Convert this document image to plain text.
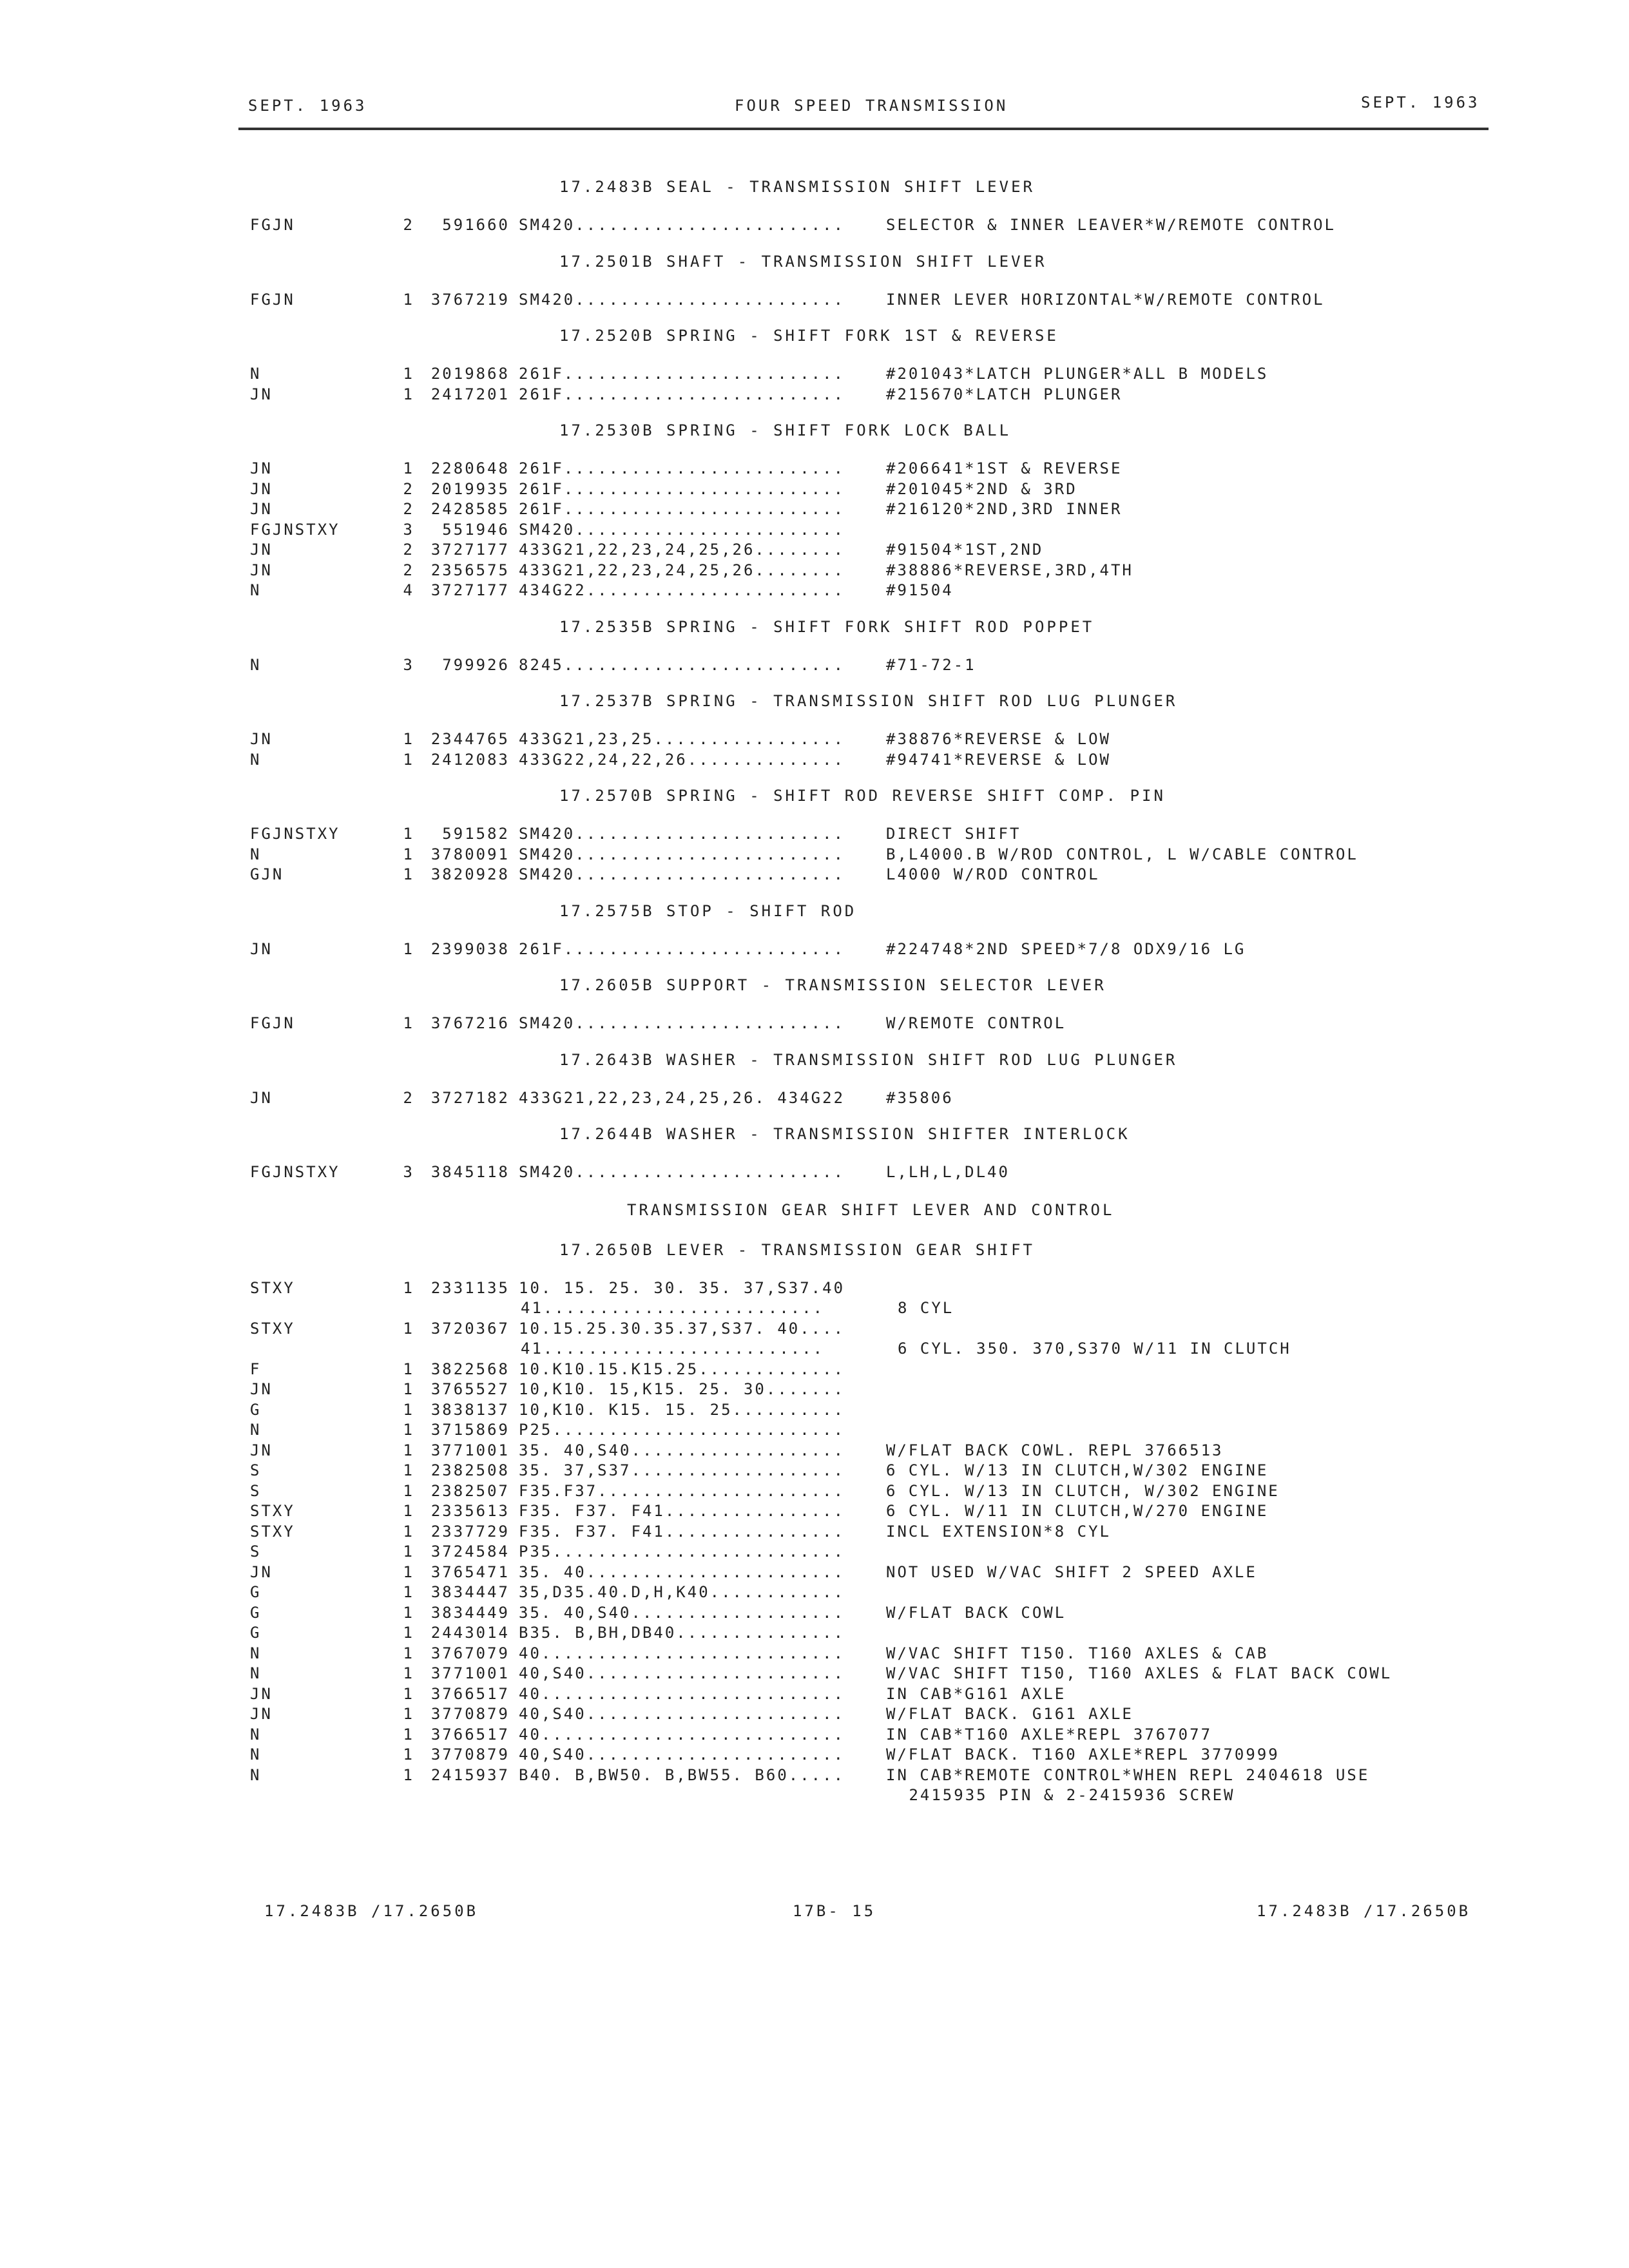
SEPT. 1963	FOUR SPEED TRANSMISSION	SEPT. 1963
17.2483B SEAL - TRANSMISSION SHIFT LEVER
FGJN	2	591660 SM420........................	SELECTOR & INNER LEAVER*W/REMOTE CONTROL
17.2501B SHAFT - TRANSMISSION SHIFT LEVER
FGJN	1	3767219 SM420........................	INNER LEVER HORIZONTAL*W/REMOTE CONTROL
17.2520B SPRING - SHIFT FORK 1ST & REVERSE
N	1	2019868 261F.........................	#201043*LATCH PLUNGER*ALL B MODELS
JN	1	2417201 261F.........................	#215670*LATCH PLUNGER
17.2530B SPRING - SHIFT FORK LOCK BALL
JN	1	2280648 261F.........................	#206641*1ST & REVERSE
JN	2	2019935 261F.........................	#201045*2ND & 3RD
JN	2	2428585 261F.........................	#216120*2ND,3RD INNER
FGJNSTXY	3	551946 SM420........................
JN	2	3727177 433G21,22,23,24,25,26........	#91504*1ST,2ND
JN	2	2356575 433G21,22,23,24,25,26........	#38886*REVERSE,3RD,4TH
N	4	3727177 434G22.......................	#91504
17.2535B SPRING - SHIFT FORK SHIFT ROD POPPET
N	3	799926 8245.........................	#71-72-1
17.2537B SPRING - TRANSMISSION SHIFT ROD LUG PLUNGER
JN	1	2344765 433G21,23,25.................	#38876*REVERSE & LOW
N	1	2412083 433G22,24,22,26..............	#94741*REVERSE & LOW
17.2570B SPRING - SHIFT ROD REVERSE SHIFT COMP. PIN
FGJNSTXY	1	591582 SM420........................	DIRECT SHIFT
N	1	3780091 SM420........................	B,L4000.B W/ROD CONTROL, L W/CABLE CONTROL
GJN	1	3820928 SM420........................	L4000 W/ROD CONTROL
17.2575B STOP - SHIFT ROD
JN	1	2399038 261F.........................	#224748*2ND SPEED*7/8 ODX9/16 LG
17.2605B SUPPORT - TRANSMISSION SELECTOR LEVER
FGJN	1	3767216 SM420........................	W/REMOTE CONTROL
17.2643B WASHER - TRANSMISSION SHIFT ROD LUG PLUNGER
JN	2	3727182 433G21,22,23,24,25,26. 434G22	#35806
17.2644B WASHER - TRANSMISSION SHIFTER INTERLOCK
FGJNSTXY	3	3845118 SM420........................	L,LH,L,DL40
TRANSMISSION GEAR SHIFT LEVER AND CONTROL
17.2650B LEVER - TRANSMISSION GEAR SHIFT
STXY	1	2331135 10. 15. 25. 30. 35. 37,S37.40
41.........................	8 CYL
STXY	1	3720367 10.15.25.30.35.37,S37. 40....
41.........................	6 CYL. 350. 370,S370 W/11 IN CLUTCH
F	1	3822568 10.K10.15.K15.25.............
JN	1	3765527 10,K10. 15,K15. 25. 30.......
G	1	3838137 10,K10. K15. 15. 25..........
N	1	3715869 P25..........................
JN	1	3771001 35. 40,S40...................	W/FLAT BACK COWL. REPL 3766513
S	1	2382508 35. 37,S37...................	6 CYL. W/13 IN CLUTCH,W/302 ENGINE
S	1	2382507 F35.F37......................	6 CYL. W/13 IN CLUTCH, W/302 ENGINE
STXY	1	2335613 F35. F37. F41................	6 CYL. W/11 IN CLUTCH,W/270 ENGINE
STXY	1	2337729 F35. F37. F41................	INCL EXTENSION*8 CYL
S	1	3724584 P35..........................
JN	1	3765471 35. 40.......................	NOT USED W/VAC SHIFT 2 SPEED AXLE
G	1	3834447 35,D35.40.D,H,K40............
G	1	3834449 35. 40,S40...................	W/FLAT BACK COWL
G	1	2443014 B35. B,BH,DB40...............
N	1	3767079 40...........................	W/VAC SHIFT T150. T160 AXLES & CAB
N	1	3771001 40,S40.......................	W/VAC SHIFT T150, T160 AXLES & FLAT BACK COWL
JN	1	3766517 40...........................	IN CAB*G161 AXLE
JN	1	3770879 40,S40.......................	W/FLAT BACK. G161 AXLE
N	1	3766517 40...........................	IN CAB*T160 AXLE*REPL 3767077
N	1	3770879 40,S40.......................	W/FLAT BACK. T160 AXLE*REPL 3770999
N	1	2415937 B40. B,BW50. B,BW55. B60.....	IN CAB*REMOTE CONTROL*WHEN REPL 2404618 USE
2415935 PIN & 2-2415936 SCREW
17.2483B /17.2650B	17B- 15	17.2483B /17.2650B
